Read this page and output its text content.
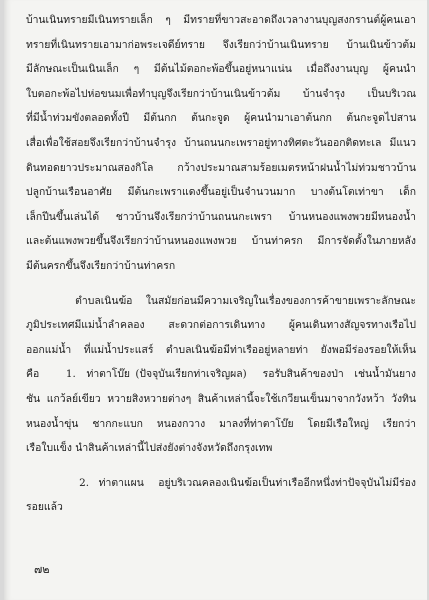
บ้านเนินทรายมีเนินทรายเล็ก ๆ มีทรายที่ขาวสะอาดถึงเวลางานบุญสงกรานต์ผู้คนเอา
ทรายที่เนินทรายเอามาก่อพระเจดีย์ทราย จึงเรียกว่าบ้านเนินทราย บ้านเนินข้าวต้ม
มีลักษณะเป็นเนินเล็ก ๆ มีต้นไม้ตอกะพ้อขึ้นอยู่หนาแน่น เมื่อถึงงานบุญ ผู้คนนำ
ใบตอกะพ้อไปห่อขนมเพื่อทำบุญจึงเรียกว่าบ้านเนินข้าวต้ม บ้านจำรุง เป็นบริเวณ
ที่มีน้ำท่วมขังตลอดทั้งปี มีต้นกก ต้นกะจูด ผู้คนนำมาเอาต้นกก ต้นกะจูดไปสาน
เสื่อเพื่อใช้สอยจึงเรียกว่าบ้านจำรุง บ้านถนนกะเพราอยู่ทางทิศตะวันออกติดทะเล มีแนว
ดินทอดยาวประมาณสองกิโล กว้างประมาณสามร้อยเมตรหน้าฝนน้ำไม่ท่วมชาวบ้าน
ปลูกบ้านเรือนอาศัย มีต้นกะเพราแดงขึ้นอยู่เป็นจำนวนมาก บางต้นโตเท่าขา เด็ก
เล็กปีนขึ้นเล่นได้ ชาวบ้านจึงเรียกว่าบ้านถนนกะเพรา บ้านหนองแพงพวยมีหนองน้ำ
และต้นแพงพวยขึ้นจึงเรียกว่าบ้านหนองแพงพวย บ้านท่าครก มีการจัดตั้งในภายหลัง
มีต้นครกขึ้นจึงเรียกว่าบ้านท่าครก
ตำบลเนินฆ้อ   ในสมัยก่อนมีความเจริญในเรื่องของการค้าขายเพราะลักษณะ
ภูมิประเทศมีแม่น้ำลำคลอง สะดวกต่อการเดินทาง ผู้คนเดินทางสัญจรทางเรือไป
ออกแม่น้ำ ที่แม่น้ำประแสร์ ตำบลเนินฆ้อมีท่าเรืออยู่หลายท่า ยังพอมีร่องรอยให้เห็น
คือ     1.  ท่าตาโบ๊ย (ปัจจุบันเรียกท่าเจริญผล)   รอรับสินค้าของป่า  เช่นน้ำมันยาง
ชัน แกว้ลย์เขียว หวายสิงหวายต่างๆ สินค้าเหล่านี้จะใช้เกวียนเข็นมาจากวังหว้า วังทิน
หนองน้ำขุ่น ชากกะแบก หนองกวาง มาลงที่ท่าตาโบ๊ย โดยมีเรือใหญ่ เรียกว่า
เรือใบแข็ง นำสินค้าเหล่านี้ไปส่งยังต่างจังหวัดถึงกรุงเทพ
2.  ท่าตาแผน   อยู่บริเวณคลองเนินฆ้อเป็นท่าเรืออีกหนึ่งท่าปัจจุบันไม่มีร่อง
รอยแล้ว
๗๒
